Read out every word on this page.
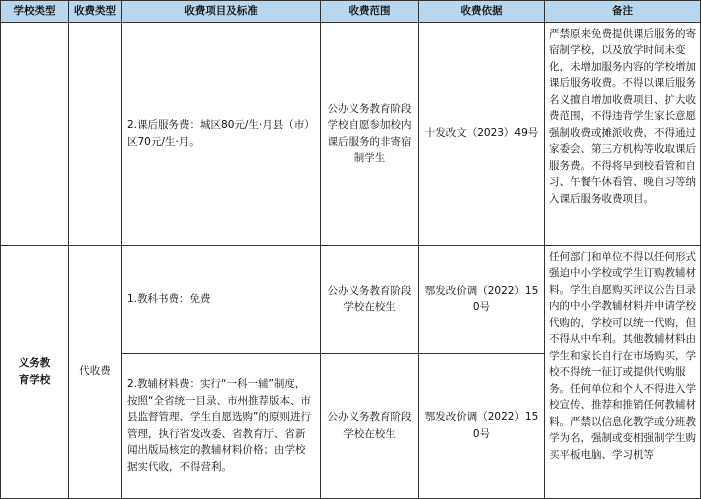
学校类型	收费类型	收费项目及标准	收费范围	收费依据	备注
		2.课后服务费：城区80元/生·月县（市）区70元/生·月。	公办义务教育阶段学校自愿参加校内课后服务的非寄宿制学生	十发改文（2023）49号	严禁原来免费提供课后服务的寄宿制学校，以及放学时间未变化，未增加服务内容的学校增加课后服务收费。不得以课后服务名义擅自增加收费项目、扩大收费范围，不得违背学生家长意愿强制收费或摊派收费，不得通过家委会、第三方机构等收取课后服务费。不得将早到校看管和自习、午餐午休看管、晚自习等纳入课后服务收费项目。
义务教育学校	代收费	1.教科书费：免费	公办义务教育阶段学校在校生	鄂发改价调（2022）150号	任何部门和单位不得以任何形式强迫中小学校或学生订购教辅材料。学生自愿购买评议公告目录内的中小学教辅材料并申请学校代购的，学校可以统一代购，但不得从中牟利。其他教辅材料由学生和家长自行在市场购买，学校不得统一征订或提供代购服务。任何单位和个人不得进入学校宣传、推荐和推销任何教辅材料。严禁以信息化教学或分班教学为名，强制或变相强制学生购买平板电脑、学习机等
		2.教辅材料费：实行“一科一辅”制度，按照“全省统一目录、市州推荐版本、市县监督管理、学生自愿选购”的原则进行管理，执行省发改委、省教育厅、省新闻出版局核定的教辅材料价格；由学校据实代收，不得营利。	公办义务教育阶段学校在校生	鄂发改价调（2022）150号	
